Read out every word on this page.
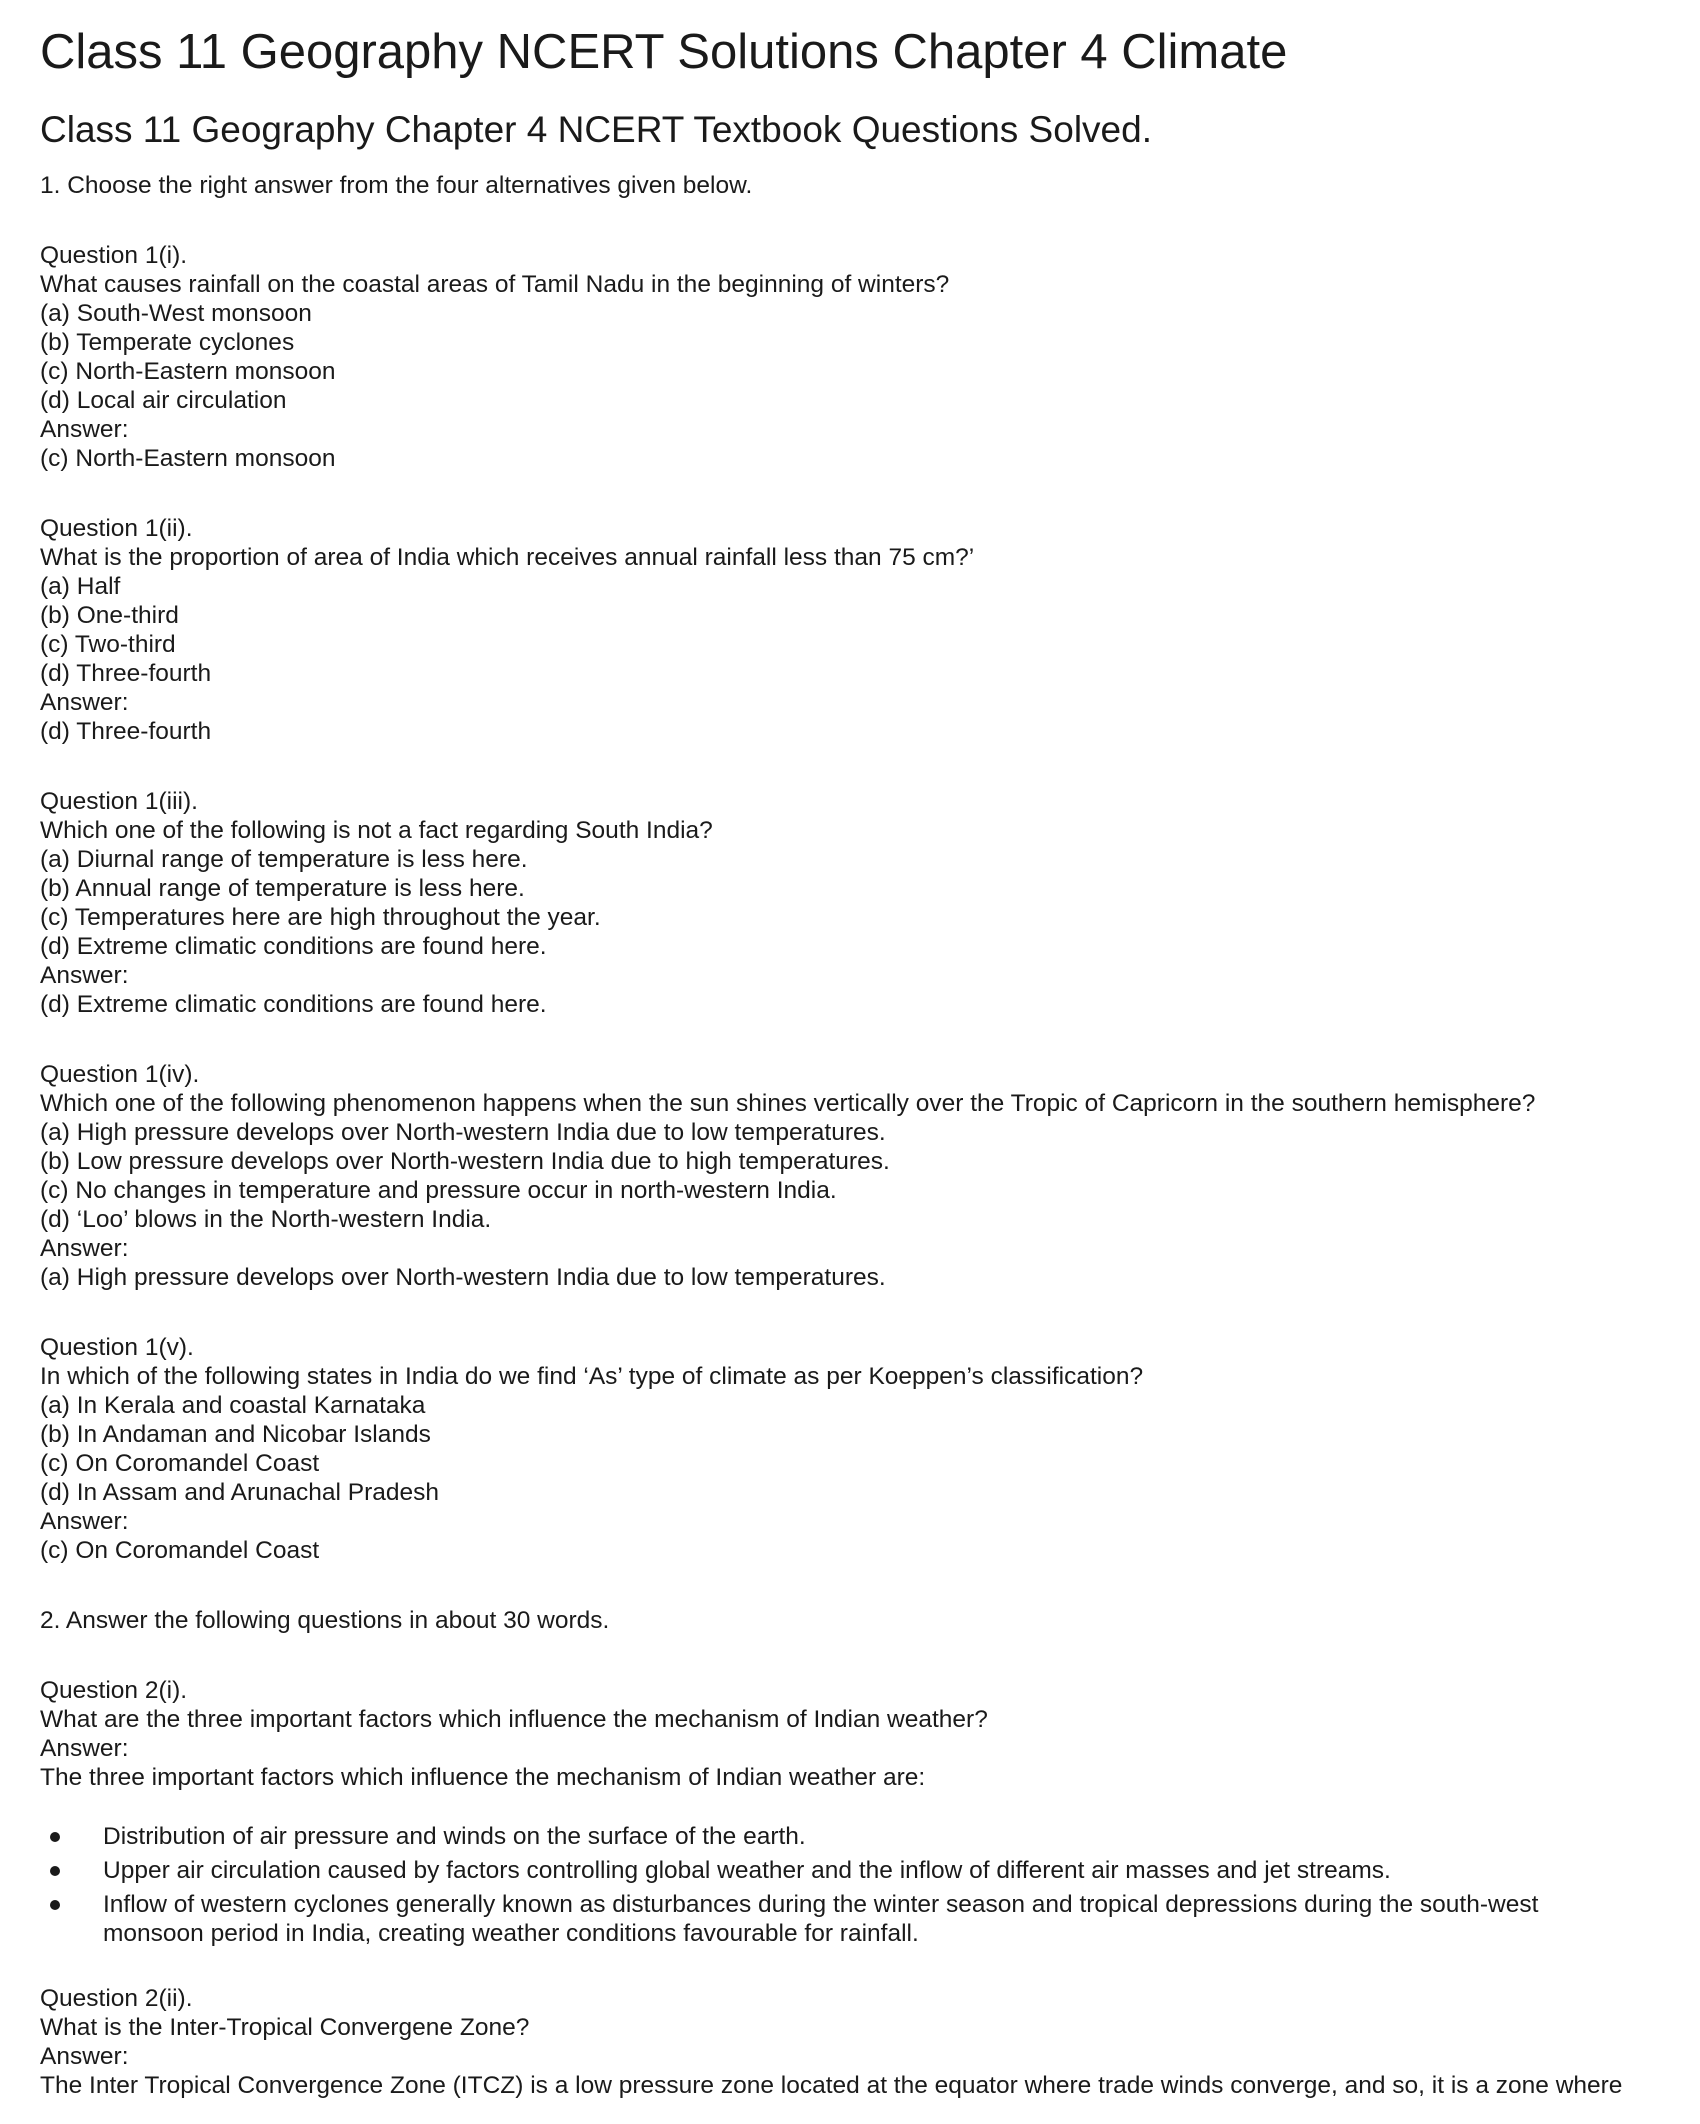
Class 11 Geography NCERT Solutions Chapter 4 Climate
Class 11 Geography Chapter 4 NCERT Textbook Questions Solved.
1. Choose the right answer from the four alternatives given below.
Question 1(i).
What causes rainfall on the coastal areas of Tamil Nadu in the beginning of winters?
(a) South-West monsoon
(b) Temperate cyclones
(c) North-Eastern monsoon
(d) Local air circulation
Answer:
(c) North-Eastern monsoon
Question 1(ii).
What is the proportion of area of India which receives annual rainfall less than 75 cm?’
(a) Half
(b) One-third
(c) Two-third
(d) Three-fourth
Answer:
(d) Three-fourth
Question 1(iii).
Which one of the following is not a fact regarding South India?
(a) Diurnal range of temperature is less here.
(b) Annual range of temperature is less here.
(c) Temperatures here are high throughout the year.
(d) Extreme climatic conditions are found here.
Answer:
(d) Extreme climatic conditions are found here.
Question 1(iv).
Which one of the following phenomenon happens when the sun shines vertically over the Tropic of Capricorn in the southern hemisphere?
(a) High pressure develops over North-western India due to low temperatures.
(b) Low pressure develops over North-western India due to high temperatures.
(c) No changes in temperature and pressure occur in north-western India.
(d) ‘Loo’ blows in the North-western India.
Answer:
(a) High pressure develops over North-western India due to low temperatures.
Question 1(v).
In which of the following states in India do we find ‘As’ type of climate as per Koeppen’s classification?
(a) In Kerala and coastal Karnataka
(b) In Andaman and Nicobar Islands
(c) On Coromandel Coast
(d) In Assam and Arunachal Pradesh
Answer:
(c) On Coromandel Coast
2. Answer the following questions in about 30 words.
Question 2(i).
What are the three important factors which influence the mechanism of Indian weather?
Answer:
The three important factors which influence the mechanism of Indian weather are:
Distribution of air pressure and winds on the surface of the earth.
Upper air circulation caused by factors controlling global weather and the inflow of different air masses and jet streams.
Inflow of western cyclones generally known as disturbances during the winter season and tropical depressions during the south-west monsoon period in India, creating weather conditions favourable for rainfall.
Question 2(ii).
What is the Inter-Tropical Convergene Zone?
Answer:
The Inter Tropical Convergence Zone (ITCZ) is a low pressure zone located at the equator where trade winds converge, and so, it is a zone where
